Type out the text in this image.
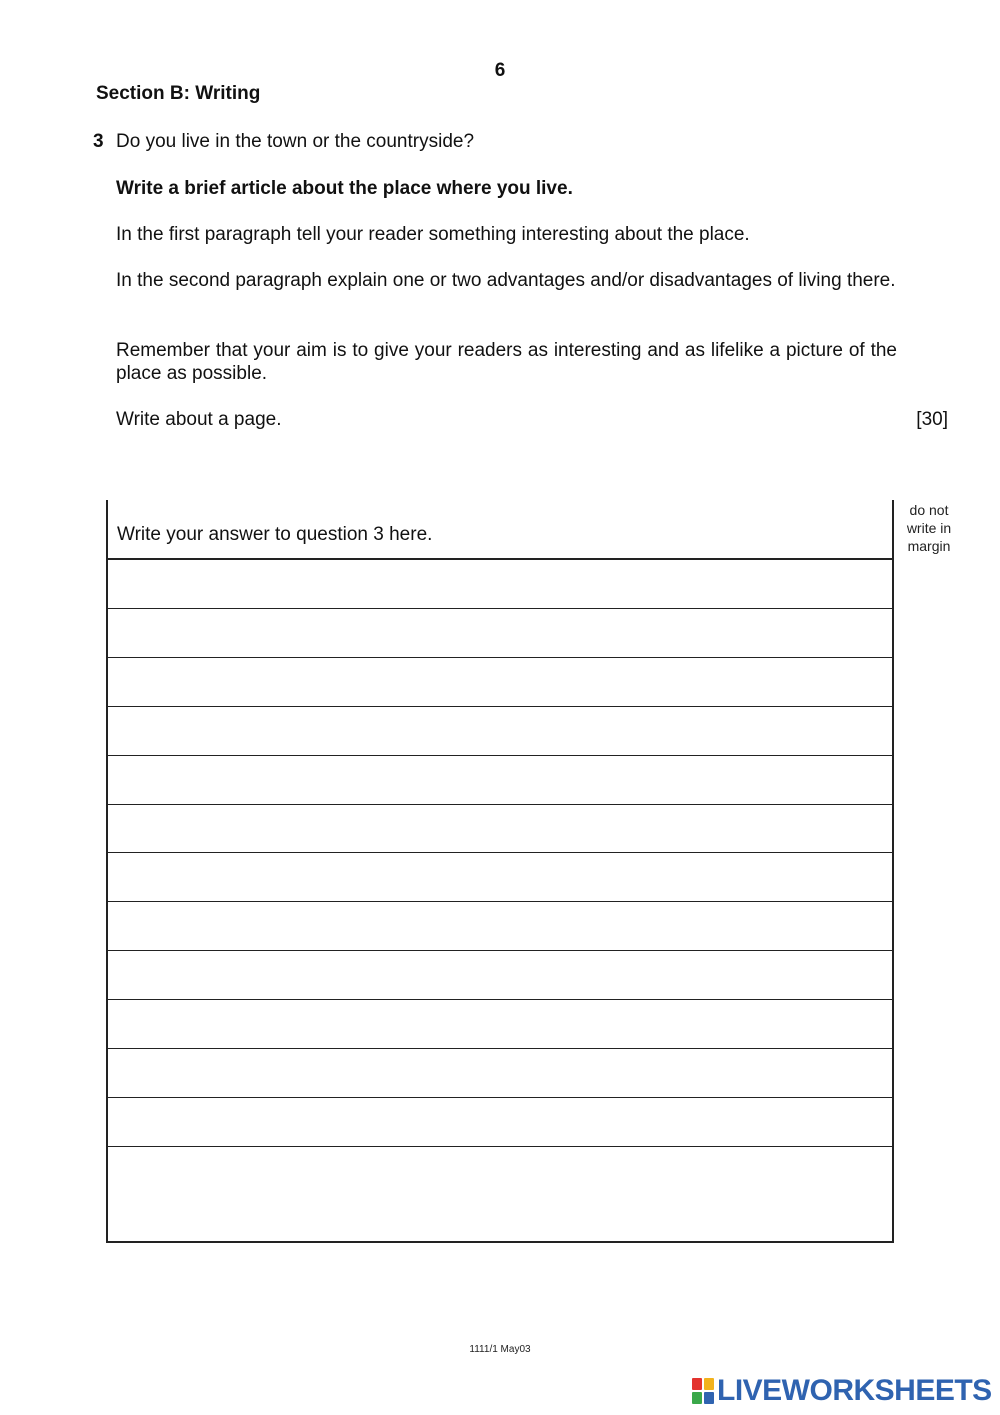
6
Section B: Writing
3 Do you live in the town or the countryside?
Write a brief article about the place where you live.
In the first paragraph tell your reader something interesting about the place.
In the second paragraph explain one or two advantages and/or disadvantages of living there.
Remember that your aim is to give your readers as interesting and as lifelike a picture of the place as possible.
Write about a page.	[30]
Write your answer to question 3 here.
do not write in margin
1111/1 May03
LIVEWORKSHEETS
